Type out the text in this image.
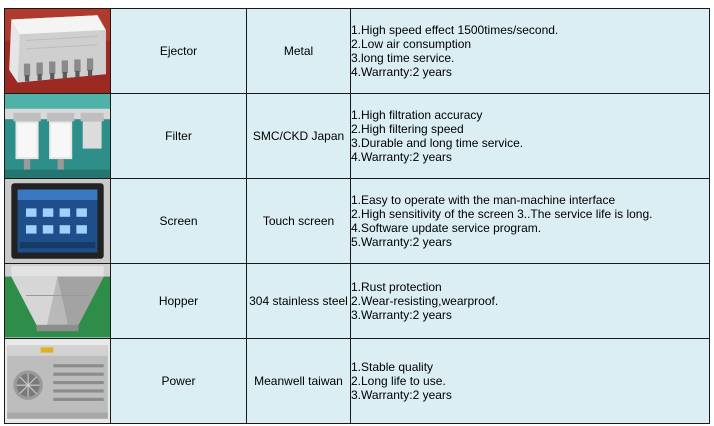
	Ejector	Metal	1.High speed effect 1500times/second.
2.Low air consumption
3.long time service.
4.Warranty:2 years

	Filter	SMC/CKD Japan	1.High filtration accuracy
2.High filtering speed
3.Durable and long time service.
4.Warranty:2 years

	Screen	Touch screen	1.Easy to operate with the man-machine interface
2.High sensitivity of the screen 3..The service life is long.
4.Software update service program.
5.Warranty:2 years

	Hopper	304 stainless steel	1.Rust protection
2.Wear-resisting,wearproof.
3.Warranty:2 years

	Power	Meanwell taiwan	1.Stable quality
2.Long life to use.
3.Warranty:2 years
